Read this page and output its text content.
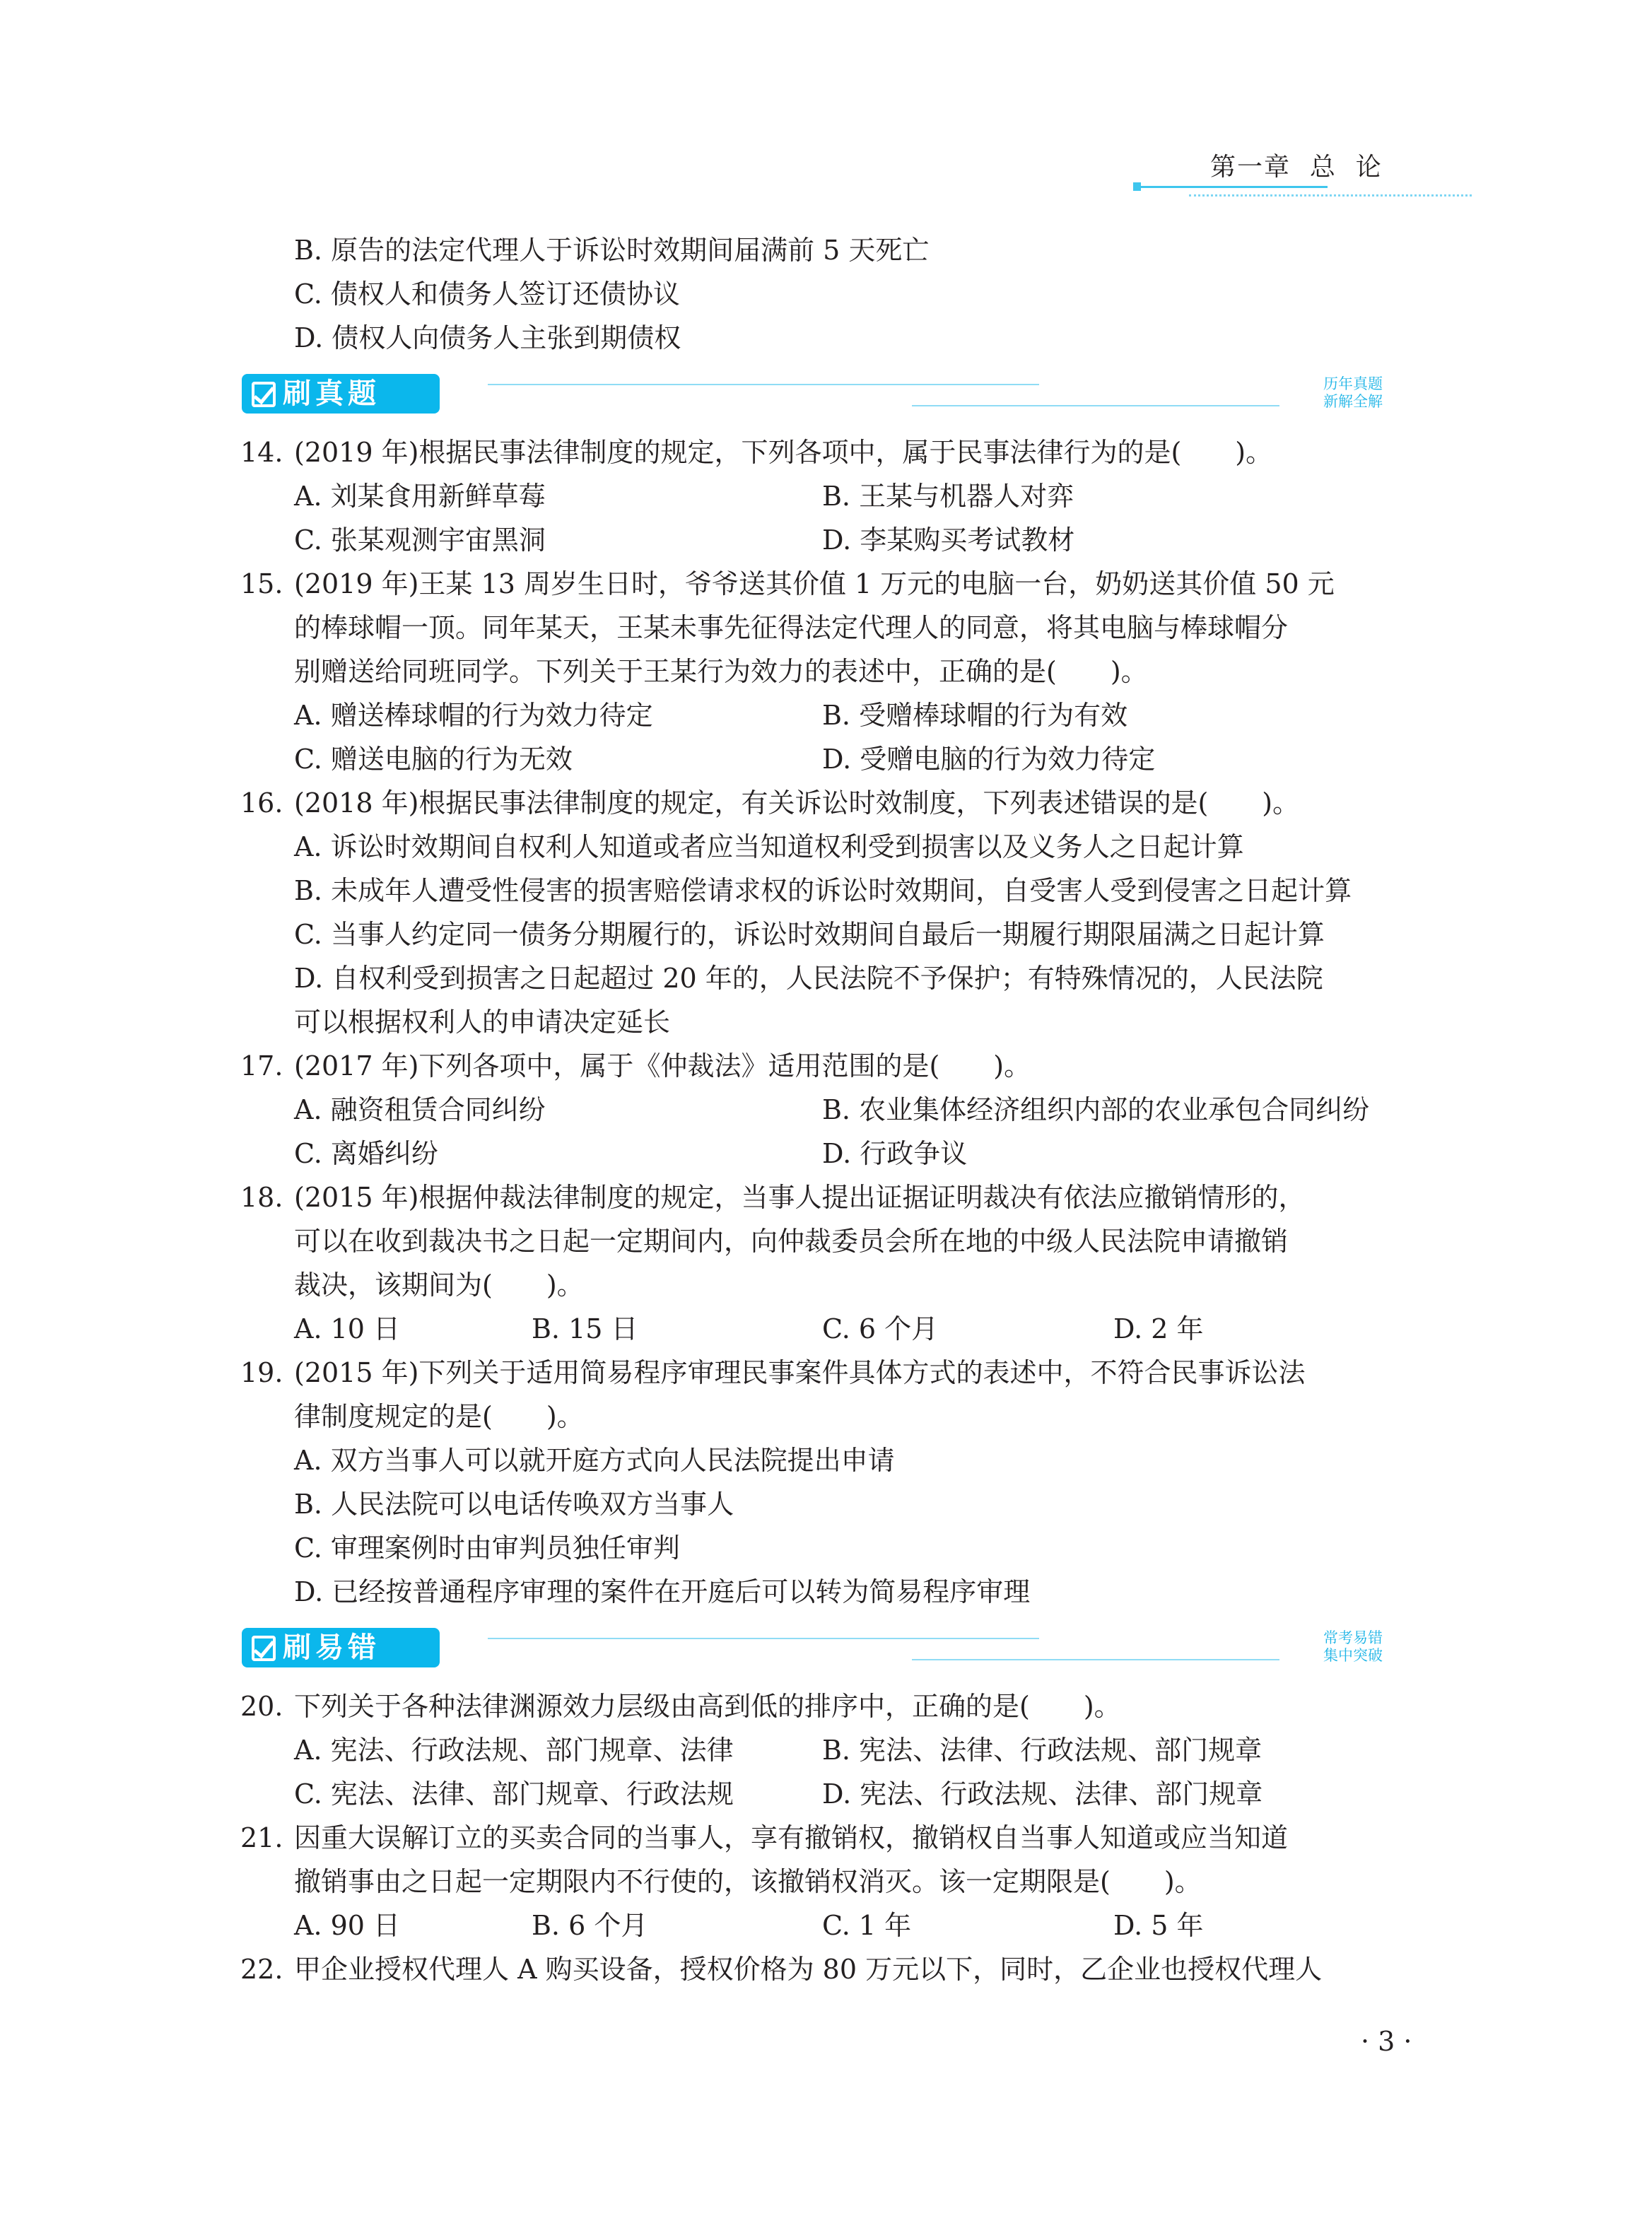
第一章  总  论
B. 原告的法定代理人于诉讼时效期间届满前 5 天死亡
C. 债权人和债务人签订还债协议
D. 债权人向债务人主张到期债权
刷真题	历年真题
新解全解
14. (2019 年)根据民事法律制度的规定，下列各项中，属于民事法律行为的是(　　)。
A. 刘某食用新鲜草莓	B. 王某与机器人对弈
C. 张某观测宇宙黑洞	D. 李某购买考试教材
15. (2019 年)王某 13 周岁生日时，爷爷送其价值 1 万元的电脑一台，奶奶送其价值 50 元
的棒球帽一顶。同年某天，王某未事先征得法定代理人的同意，将其电脑与棒球帽分
别赠送给同班同学。下列关于王某行为效力的表述中，正确的是(　　)。
A. 赠送棒球帽的行为效力待定	B. 受赠棒球帽的行为有效
C. 赠送电脑的行为无效	D. 受赠电脑的行为效力待定
16. (2018 年)根据民事法律制度的规定，有关诉讼时效制度，下列表述错误的是(　　)。
A. 诉讼时效期间自权利人知道或者应当知道权利受到损害以及义务人之日起计算
B. 未成年人遭受性侵害的损害赔偿请求权的诉讼时效期间，自受害人受到侵害之日起计算
C. 当事人约定同一债务分期履行的，诉讼时效期间自最后一期履行期限届满之日起计算
D. 自权利受到损害之日起超过 20 年的，人民法院不予保护；有特殊情况的，人民法院
可以根据权利人的申请决定延长
17. (2017 年)下列各项中，属于《仲裁法》适用范围的是(　　)。
A. 融资租赁合同纠纷	B. 农业集体经济组织内部的农业承包合同纠纷
C. 离婚纠纷	D. 行政争议
18. (2015 年)根据仲裁法律制度的规定，当事人提出证据证明裁决有依法应撤销情形的，
可以在收到裁决书之日起一定期间内，向仲裁委员会所在地的中级人民法院申请撤销
裁决，该期间为(　　)。
A. 10 日	B. 15 日	C. 6 个月	D. 2 年
19. (2015 年)下列关于适用简易程序审理民事案件具体方式的表述中，不符合民事诉讼法
律制度规定的是(　　)。
A. 双方当事人可以就开庭方式向人民法院提出申请
B. 人民法院可以电话传唤双方当事人
C. 审理案例时由审判员独任审判
D. 已经按普通程序审理的案件在开庭后可以转为简易程序审理
刷易错	常考易错
集中突破
20. 下列关于各种法律渊源效力层级由高到低的排序中，正确的是(　　)。
A. 宪法、行政法规、部门规章、法律	B. 宪法、法律、行政法规、部门规章
C. 宪法、法律、部门规章、行政法规	D. 宪法、行政法规、法律、部门规章
21. 因重大误解订立的买卖合同的当事人，享有撤销权，撤销权自当事人知道或应当知道
撤销事由之日起一定期限内不行使的，该撤销权消灭。该一定期限是(　　)。
A. 90 日	B. 6 个月	C. 1 年	D. 5 年
22. 甲企业授权代理人 A 购买设备，授权价格为 80 万元以下，同时，乙企业也授权代理人
· 3 ·
